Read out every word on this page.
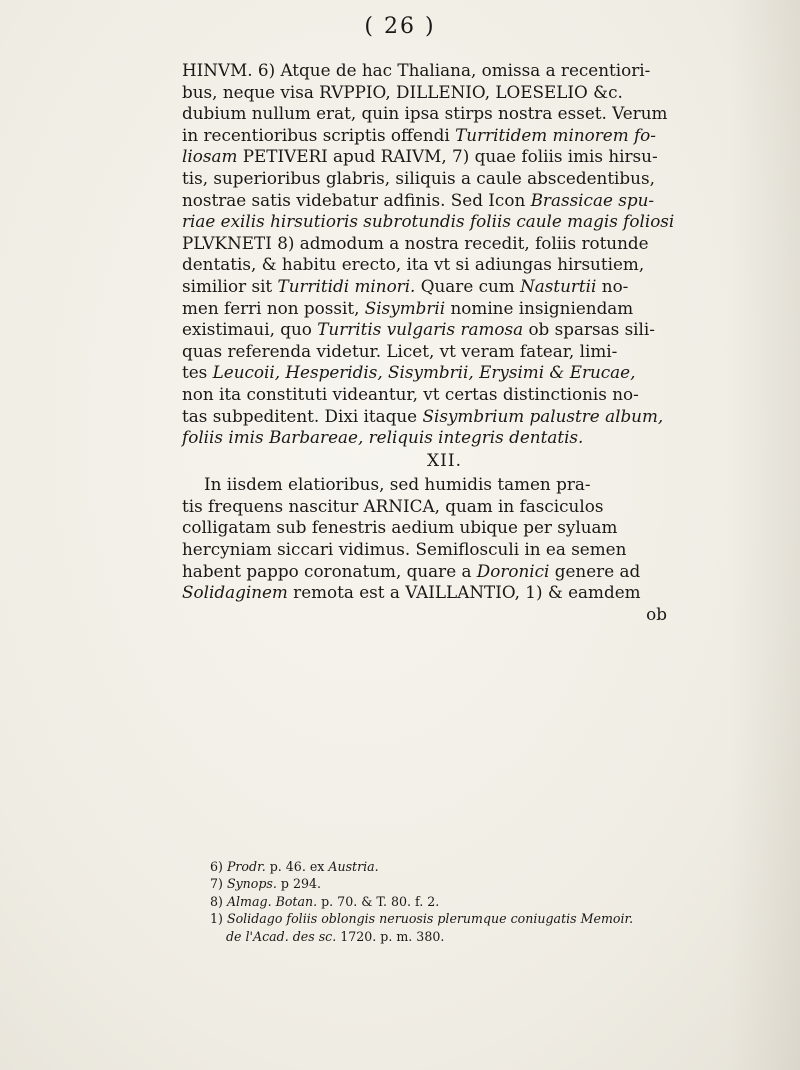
( 26 )

HINVM. 6) Atque de hac Thaliana, omissa a recentiori-

bus, neque visa RVPPIO, DILLENIO, LOESELIO &c.

dubium nullum erat, quin ipsa stirps nostra esset. Verum

in recentioribus scriptis offendi Turritidem minorem fo-

liosam PETIVERI apud RAIVM, 7) quae foliis imis hirsu-

tis, superioribus glabris, siliquis a caule abscedentibus,

nostrae satis videbatur adfinis. Sed Icon Brassicae spu-

riae exilis hirsutioris subrotundis foliis caule magis foliosi

PLVKNETI 8) admodum a nostra recedit, foliis rotunde

dentatis, & habitu erecto, ita vt si adiungas hirsutiem,

similior sit Turritidi minori. Quare cum Nasturtii no-

men ferri non possit, Sisymbrii nomine insigniendam

existimaui, quo Turritis vulgaris ramosa ob sparsas sili-

quas referenda videtur. Licet, vt veram fatear, limi-

tes Leucoii, Hesperidis, Sisymbrii, Erysimi & Erucae,

non ita constituti videantur, vt certas distinctionis no-

tas subpeditent. Dixi itaque Sisymbrium palustre album,

foliis imis Barbareae, reliquis integris dentatis.

XII.

In iisdem elatioribus, sed humidis tamen pra-

tis frequens nascitur ARNICA, quam in fasciculos

colligatam sub fenestris aedium ubique per syluam

hercyniam siccari vidimus. Semiflosculi in ea semen

habent pappo coronatum, quare a Doronici genere ad

Solidaginem remota est a VAILLANTIO, 1) & eamdem

ob

6) Prodr. p. 46. ex Austria.
7) Synops. p 294.
8) Almag. Botan. p. 70. & T. 80. f. 2.
1) Solidago foliis oblongis neruosis plerumque coniugatis Memoir.
de l'Acad. des sc. 1720. p. m. 380.
